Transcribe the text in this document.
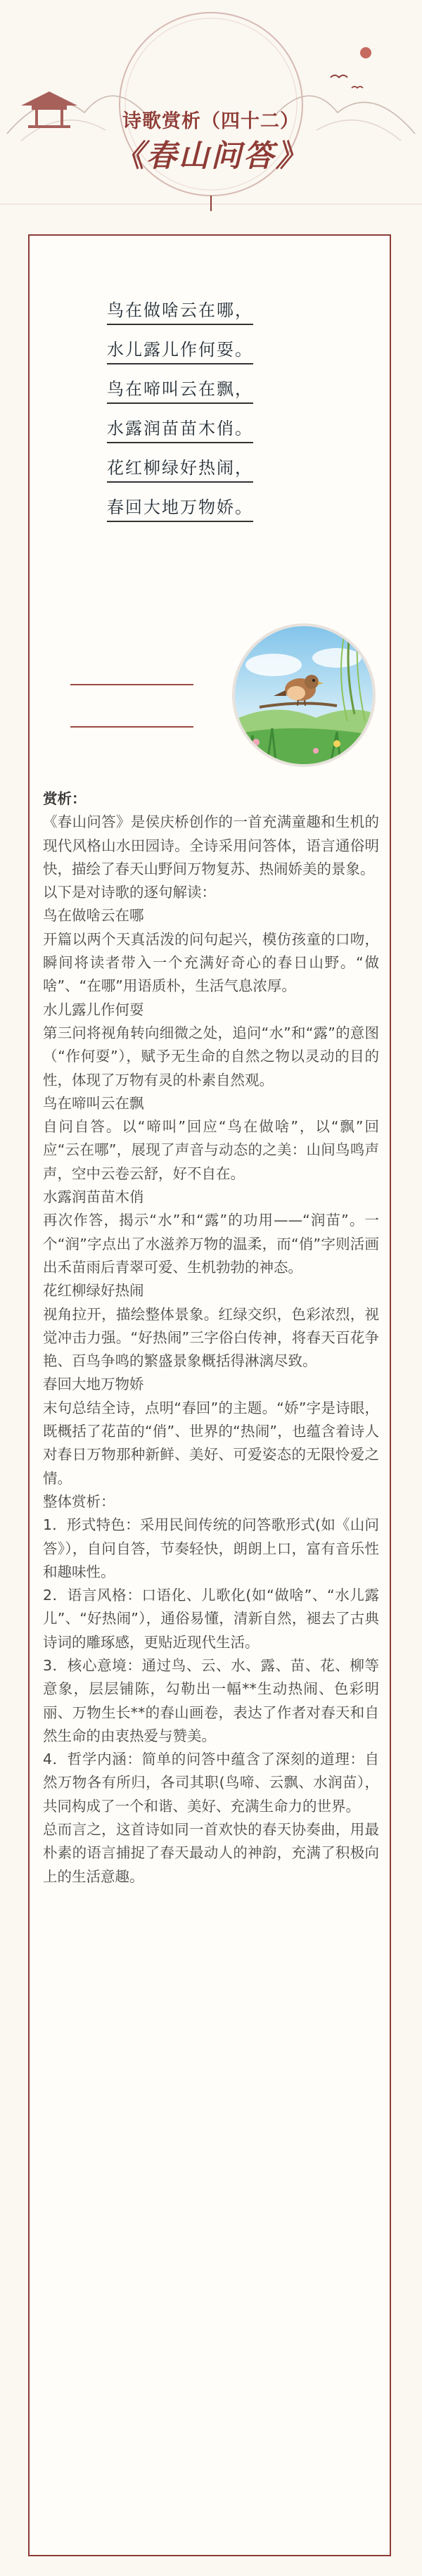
诗歌赏析（四十二）
《春山问答》
鸟在做啥云在哪，
水儿露儿作何耍。
鸟在啼叫云在飘，
水露润苗苗木俏。
花红柳绿好热闹，
春回大地万物娇。

赏析：

《春山问答》是侯庆桥创作的一首充满童趣和生机的现代风格山水田园诗。全诗采用问答体，语言通俗明快，描绘了春天山野间万物复苏、热闹娇美的景象。

以下是对诗歌的逐句解读：

鸟在做啥云在哪

开篇以两个天真活泼的问句起兴，模仿孩童的口吻，瞬间将读者带入一个充满好奇心的春日山野。“做啥”、“在哪”用语质朴，生活气息浓厚。

水儿露儿作何耍

第三问将视角转向细微之处，追问“水”和“露”的意图（“作何耍”），赋予无生命的自然之物以灵动的目的性，体现了万物有灵的朴素自然观。

鸟在啼叫云在飘

自问自答。以“啼叫”回应“鸟在做啥”，以“飘”回应“云在哪”，展现了声音与动态的之美：山间鸟鸣声声，空中云卷云舒，好不自在。

水露润苗苗木俏

再次作答，揭示“水”和“露”的功用——“润苗”。一个“润”字点出了水滋养万物的温柔，而“俏”字则活画出禾苗雨后青翠可爱、生机勃勃的神态。

花红柳绿好热闹

视角拉开，描绘整体景象。红绿交织，色彩浓烈，视觉冲击力强。“好热闹”三字俗白传神，将春天百花争艳、百鸟争鸣的繁盛景象概括得淋漓尽致。

春回大地万物娇

末句总结全诗，点明“春回”的主题。“娇”字是诗眼，既概括了花苗的“俏”、世界的“热闹”，也蕴含着诗人对春日万物那种新鲜、美好、可爱姿态的无限怜爱之情。

整体赏析：

1．形式特色：采用民间传统的问答歌形式(如《山问答》），自问自答，节奏轻快，朗朗上口，富有音乐性和趣味性。

2．语言风格：口语化、儿歌化(如“做啥”、“水儿露儿”、“好热闹”），通俗易懂，清新自然，褪去了古典诗词的雕琢感，更贴近现代生活。

3．核心意境：通过鸟、云、水、露、苗、花、柳等意象，层层铺陈，勾勒出一幅**生动热闹、色彩明丽、万物生长**的春山画卷，表达了作者对春天和自然生命的由衷热爱与赞美。

4．哲学内涵：简单的问答中蕴含了深刻的道理：自然万物各有所归，各司其职(鸟啼、云飘、水润苗），共同构成了一个和谐、美好、充满生命力的世界。

总而言之，这首诗如同一首欢快的春天协奏曲，用最朴素的语言捕捉了春天最动人的神韵，充满了积极向上的生活意趣。
